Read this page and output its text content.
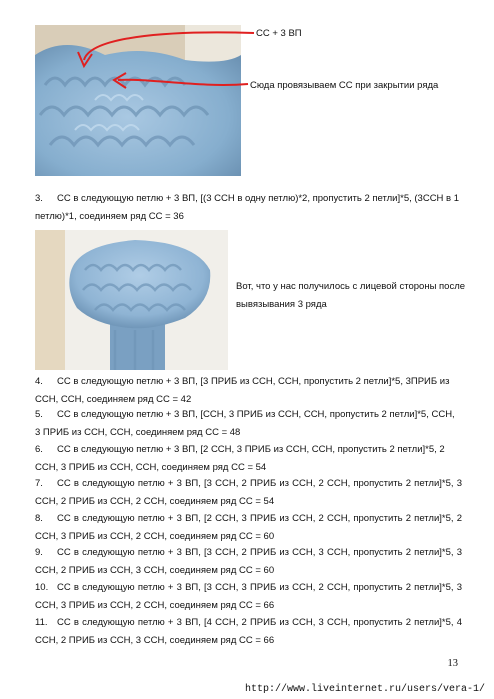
СС + 3 ВП
Сюда провязываем СС при закрытии ряда
3. СС в следующую петлю + 3 ВП, [(3 ССН в одну петлю)*2, пропустить 2 петли]*5, (3ССН в 1 петлю)*1, соединяем ряд СС = 36
Вот, что у нас получилось с лицевой стороны после вывязывания 3 ряда
4. СС в следующую петлю + 3 ВП, [3 ПРИБ из ССН, ССН, пропустить 2 петли]*5, 3ПРИБ из ССН, ССН, соединяем ряд СС = 42
5. СС в следующую петлю + 3 ВП, [ССН, 3 ПРИБ из ССН, ССН, пропустить 2 петли]*5, ССН, 3 ПРИБ из ССН, ССН, соединяем ряд СС = 48
6. СС в следующую петлю + 3 ВП, [2 ССН, 3 ПРИБ из ССН, ССН, пропустить 2 петли]*5, 2 ССН, 3 ПРИБ из ССН, ССН, соединяем ряд СС = 54
7. СС в следующую петлю + 3 ВП, [3 ССН, 2 ПРИБ из ССН, 2 ССН, пропустить 2 петли]*5, 3 ССН, 2 ПРИБ из ССН, 2 ССН, соединяем ряд СС = 54
8. СС в следующую петлю + 3 ВП, [2 ССН, 3 ПРИБ из ССН, 2 ССН, пропустить 2 петли]*5, 2 ССН, 3 ПРИБ из ССН, 2 ССН, соединяем ряд СС = 60
9. СС в следующую петлю + 3 ВП, [3 ССН, 2 ПРИБ из ССН, 3 ССН, пропустить 2 петли]*5, 3 ССН, 2 ПРИБ из ССН, 3 ССН, соединяем ряд СС = 60
10. СС в следующую петлю + 3 ВП, [3 ССН, 3 ПРИБ из ССН, 2 ССН, пропустить 2 петли]*5, 3 ССН, 3 ПРИБ из ССН, 2 ССН, соединяем ряд СС = 66
11. СС в следующую петлю + 3 ВП, [4 ССН, 2 ПРИБ из ССН, 3 ССН, пропустить 2 петли]*5, 4 ССН, 2 ПРИБ из ССН, 3 ССН, соединяем ряд СС = 66
13
http://www.liveinternet.ru/users/vera-1/
